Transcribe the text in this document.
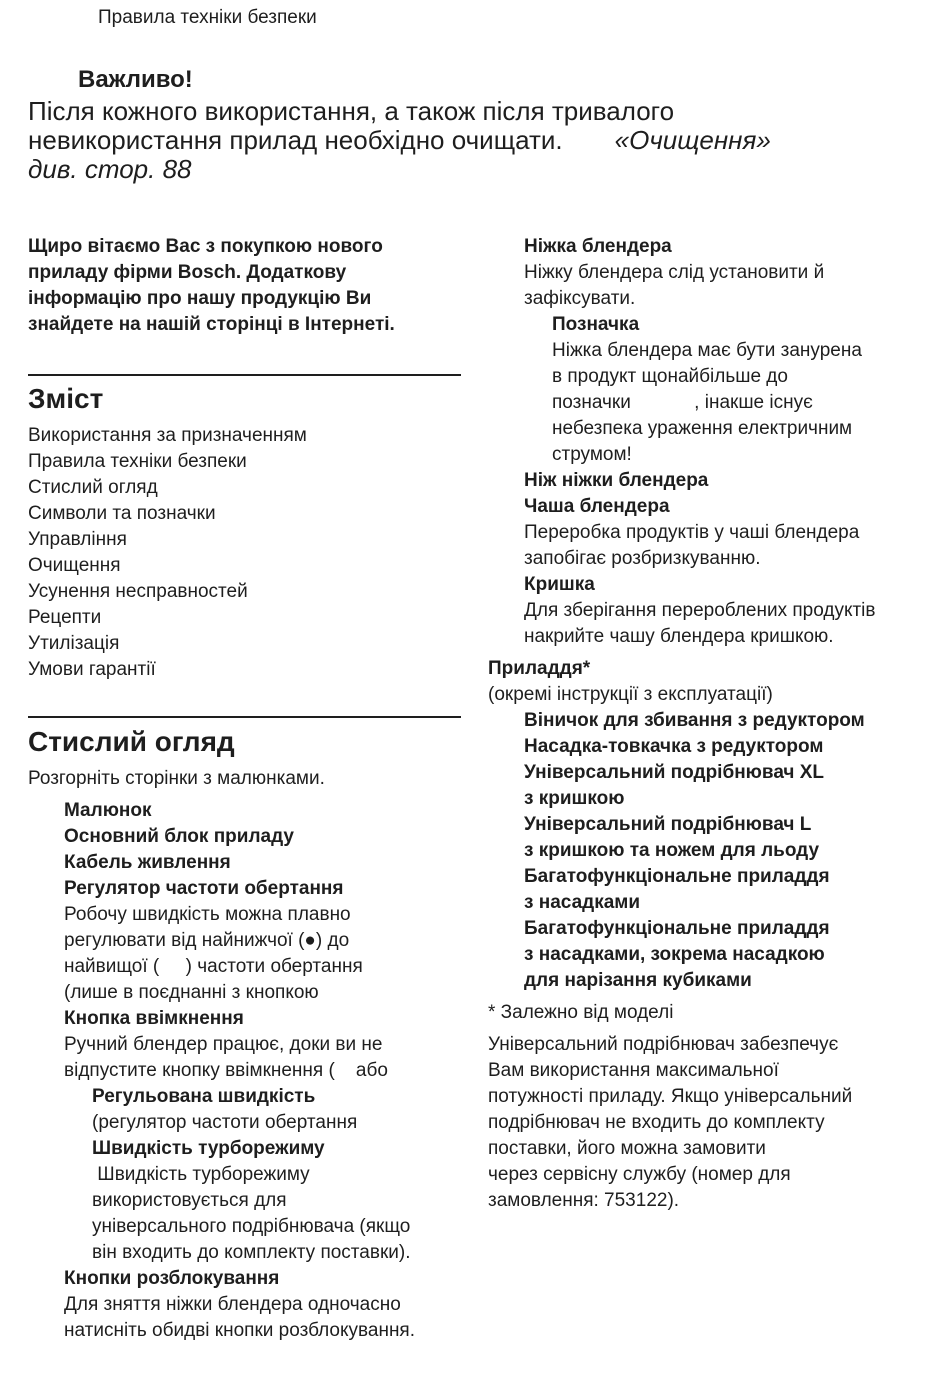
Правила техніки безпеки
Важливо!
Після кожного використання, а також після тривалого
невикористання прилад необхідно очищати. «Очищення»
див. стор. 88
Щиро вітаємо Вас з покупкою нового
приладу фірми Bosch. Додаткову
інформацію про нашу продукцію Ви
знайдете на нашій сторінці в Інтернеті.
Зміст
Використання за призначенням
Правила техніки безпеки
Стислий огляд
Символи та позначки
Управління
Очищення
Усунення несправностей
Рецепти
Утилізація
Умови гарантії
Стислий огляд
Розгорніть сторінки з малюнками.
Малюнок
Основний блок приладу
Кабель живлення
Регулятор частоти обертання
Робочу швидкість можна плавно
регулювати від найнижчої (●) до
найвищої (     ) частоти обертання
(лише в поєднанні з кнопкою
Кнопка ввімкнення
Ручний блендер працює, доки ви не
відпустите кнопку ввімкнення (    або
Регульована швидкість
(регулятор частоти обертання
Швидкість турборежиму
Швидкість турборежиму
використовується для
універсального подрібнювача (якщо
він входить до комплекту поставки).
Кнопки розблокування
Для зняття ніжки блендера одночасно
натисніть обидві кнопки розблокування.
Ніжка блендера
Ніжку блендера слід установити й
зафіксувати.
Позначка
Ніжка блендера має бути занурена
в продукт щонайбільше до
позначки            , інакше існує
небезпека ураження електричним
струмом!
Ніж ніжки блендера
Чаша блендера
Переробка продуктів у чаші блендера
запобігає розбризкуванню.
Кришка
Для зберігання перероблених продуктів
накрийте чашу блендера кришкою.
Приладдя*
(окремі інструкції з експлуатації)
Віничок для збивання з редуктором
Насадка-товкачка з редуктором
Універсальний подрібнювач XL
з кришкою
Універсальний подрібнювач L
з кришкою та ножем для льоду
Багатофункціональне приладдя
з насадками
Багатофункціональне приладдя
з насадками, зокрема насадкою
для нарізання кубиками
* Залежно від моделі
Універсальний подрібнювач забезпечує
Вам використання максимальної
потужності приладу. Якщо універсальний
подрібнювач не входить до комплекту
поставки, його можна замовити
через сервісну службу (номер для
замовлення: 753122).
